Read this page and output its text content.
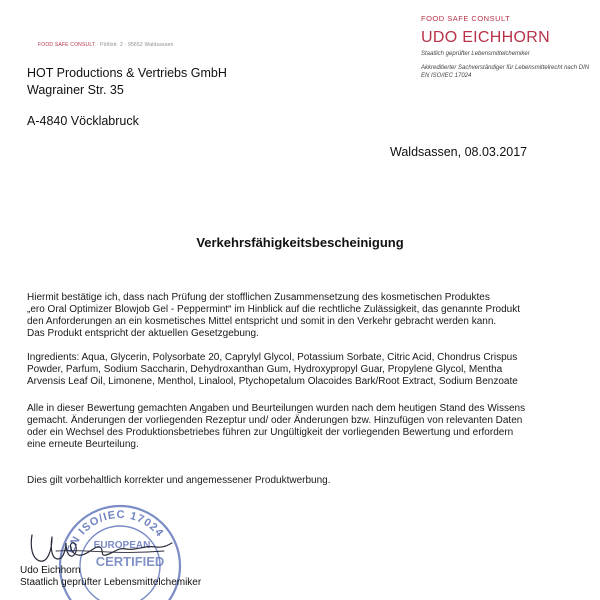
FOOD SAFE CONSULT · Pöltlstr. 2 · 95652 Waldsassen
FOOD SAFE CONSULT
UDO EICHHORN
Staatlich geprüfter Lebensmittelchemiker
Akkreditierter Sachverständiger für Lebensmittelrecht nach DIN EN ISO/IEC 17024
HOT Productions & Vertriebs GmbH
Wagrainer Str. 35
A-4840 Vöcklabruck
Waldsassen, 08.03.2017
Verkehrsfähigkeitsbescheinigung
Hiermit bestätige ich, dass nach Prüfung der stofflichen Zusammensetzung des kosmetischen Produktes
„ero Oral Optimizer Blowjob Gel - Peppermint“ im Hinblick auf die rechtliche Zulässigkeit, das genannte Produkt
den Anforderungen an ein kosmetisches Mittel entspricht und somit in den Verkehr gebracht werden kann.
Das Produkt entspricht der aktuellen Gesetzgebung.
Ingredients: Aqua, Glycerin, Polysorbate 20, Caprylyl Glycol, Potassium Sorbate, Citric Acid, Chondrus Crispus
Powder, Parfum, Sodium Saccharin, Dehydroxanthan Gum, Hydroxypropyl Guar, Propylene Glycol, Mentha
Arvensis Leaf Oil, Limonene, Menthol, Linalool, Ptychopetalum Olacoides Bark/Root Extract, Sodium Benzoate
Alle in dieser Bewertung gemachten Angaben und Beurteilungen wurden nach dem heutigen Stand des Wissens
gemacht. Änderungen der vorliegenden Rezeptur und/ oder Änderungen bzw. Hinzufügen von relevanten Daten
oder ein Wechsel des Produktionsbetriebes führen zur Ungültigkeit der vorliegenden Bewertung und erfordern
eine erneute Beurteilung.
Dies gilt vorbehaltlich korrekter und angemessener Produktwerbung.
EN ISO/IEC 17024
EUROPEAN
CERTIFIED
Udo Eichhorn
Staatlich geprüfter Lebensmittelchemiker
